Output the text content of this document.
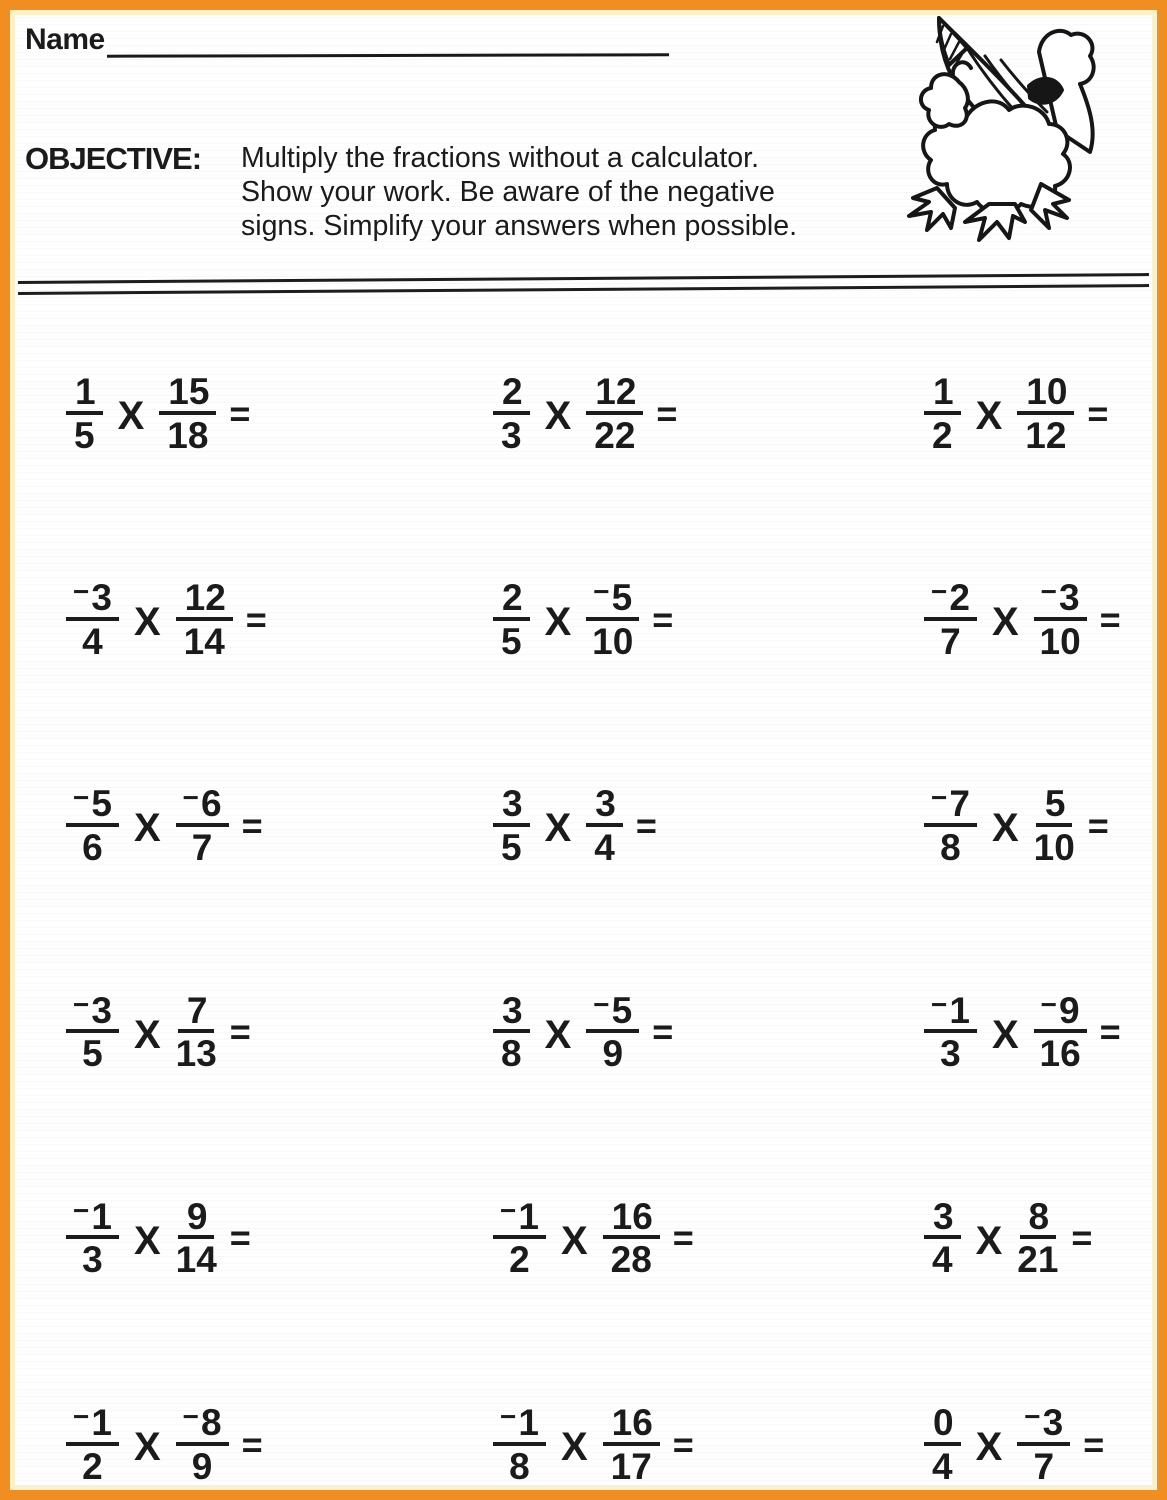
Name
OBJECTIVE:	Multiply the fractions without a calculator.
Show your work. Be aware of the negative
signs. Simplify your answers when possible.
$\frac{1}{5}$ X $\frac{15}{18}$ =	$\frac{2}{3}$ X $\frac{12}{22}$ =	$\frac{1}{2}$ X $\frac{10}{12}$ =
$\frac{- 3}{4}$ X $\frac{12}{14}$ =	$\frac{2}{5}$ X $\frac{- 5}{10}$ =	$\frac{- 2}{7}$ X $\frac{- 3}{10}$ =
$\frac{- 5}{6}$ X $\frac{- 6}{7}$ =	$\frac{3}{5}$ X $\frac{3}{4}$ =	$\frac{- 7}{8}$ X $\frac{5}{10}$ =
$\frac{- 3}{5}$ X $\frac{7}{13}$ =	$\frac{3}{8}$ X $\frac{- 5}{9}$ =	$\frac{- 1}{3}$ X $\frac{- 9}{16}$ =
$\frac{- 1}{3}$ X $\frac{9}{14}$ =	$\frac{- 1}{2}$ X $\frac{16}{28}$ =	$\frac{3}{4}$ X $\frac{8}{21}$ =
$\frac{- 1}{2}$ X $\frac{- 8}{9}$ =	$\frac{- 1}{8}$ X $\frac{16}{17}$ =	$\frac{0}{4}$ X $\frac{- 3}{7}$ =
